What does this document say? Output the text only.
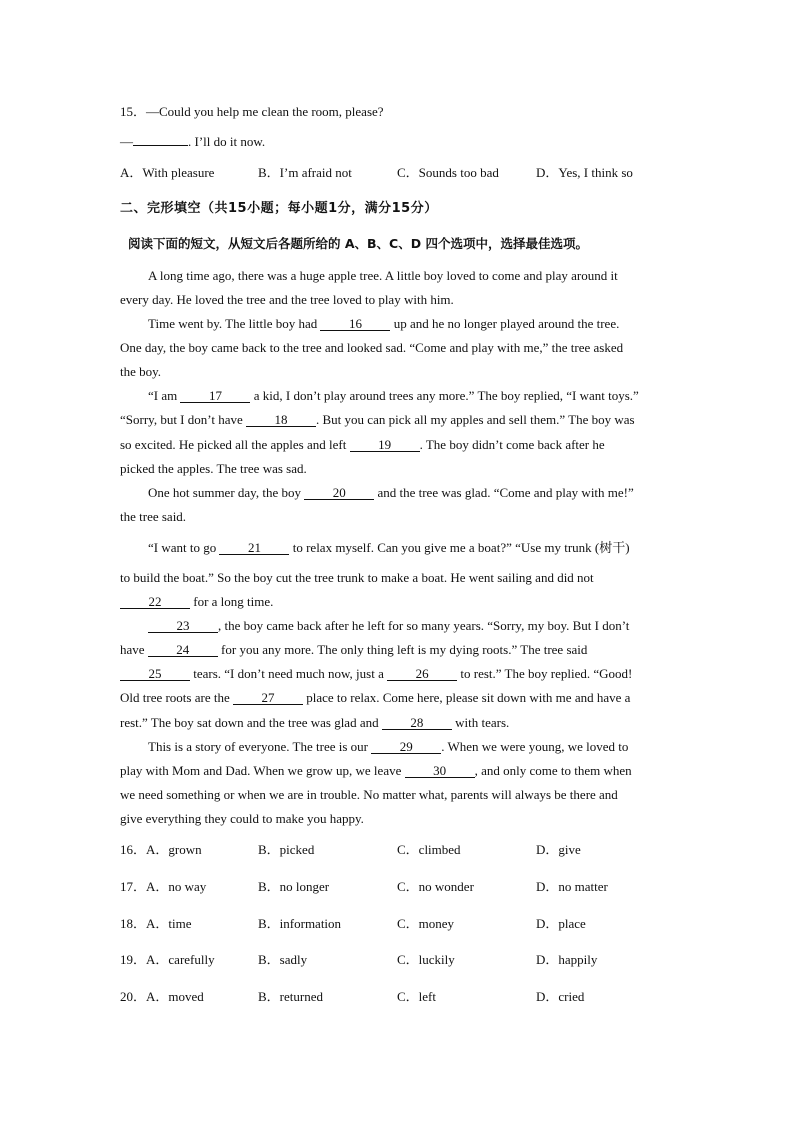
15．—Could you help me clean the room, please?
—	. I’ll do it now.
A．With pleasure	B．I’m afraid not	C．Sounds too bad	D．Yes, I think so
二、完形填空（共15小题；每小题1分，满分15分）
阅读下面的短文，从短文后各题所给的 A、B、C、D 四个选项中，选择最佳选项。
A long time ago, there was a huge apple tree. A little boy loved to come and play around it
every day. He loved the tree and the tree loved to play with him.
Time went by. The little boy had 16 up and he no longer played around the tree.
One day, the boy came back to the tree and looked sad. “Come and play with me,” the tree asked
the boy.
“I am 17 a kid, I don’t play around trees any more.” The boy replied, “I want toys.”
“Sorry, but I don’t have 18 . But you can pick all my apples and sell them.” The boy was
so excited. He picked all the apples and left 19 . The boy didn’t come back after he
picked the apples. The tree was sad.
One hot summer day, the boy 20 and the tree was glad. “Come and play with me!”
the tree said.
“I want to go 21 to relax myself. Can you give me a boat?” “Use my trunk (树干)
to build the boat.” So the boy cut the tree trunk to make a boat. He went sailing and did not
22 for a long time.
23 , the boy came back after he left for so many years. “Sorry, my boy. But I don’t
have 24 for you any more. The only thing left is my dying roots.” The tree said
25 tears. “I don’t need much now, just a 26 to rest.” The boy replied. “Good!
Old tree roots are the 27 place to relax. Come here, please sit down with me and have a
rest.” The boy sat down and the tree was glad and 28 with tears.
This is a story of everyone. The tree is our 29 . When we were young, we loved to
play with Mom and Dad. When we grow up, we leave 30 , and only come to them when
we need something or when we are in trouble. No matter what, parents will always be there and
give everything they could to make you happy.
16．A．grown	B．picked	C．climbed	D．give
17．A．no way	B．no longer	C．no wonder	D．no matter
18．A．time	B．information	C．money	D．place
19．A．carefully	B．sadly	C．luckily	D．happily
20．A．moved	B．returned	C．left	D．cried
